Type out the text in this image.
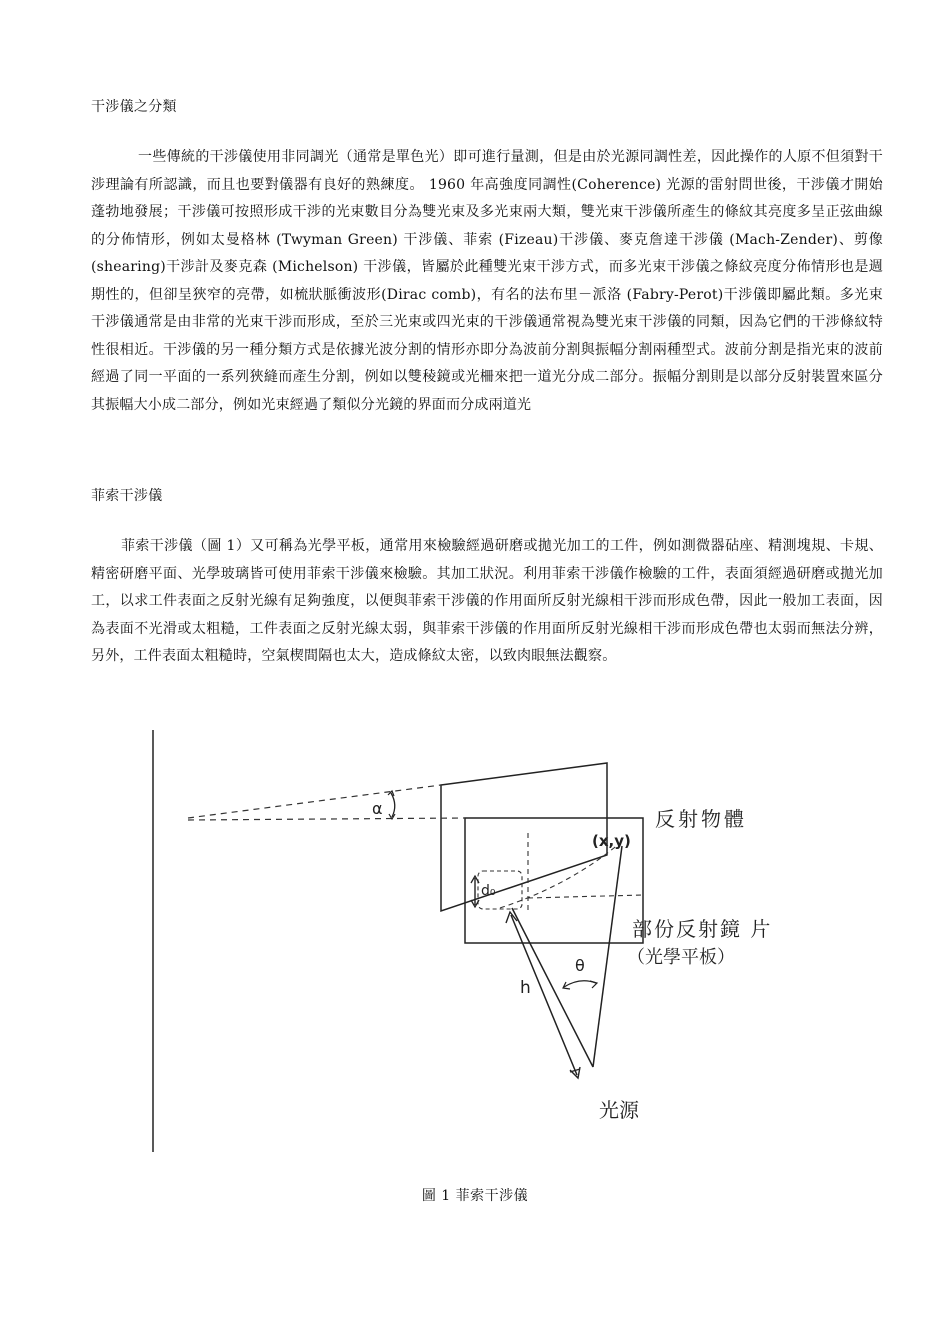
干涉儀之分類
一些傳統的干涉儀使用非同調光（通常是單色光）即可進行量測，但是由於光源同調性差，因此操作的人原不但須對干涉理論有所認識，而且也要對儀器有良好的熟練度。 1960 年高強度同調性(Coherence) 光源的雷射問世後，干涉儀才開始蓬勃地發展；干涉儀可按照形成干涉的光束數目分為雙光束及多光束兩大類，雙光束干涉儀所產生的條紋其亮度多呈正弦曲線的分佈情形，例如太曼格林 (Twyman Green) 干涉儀、菲索 (Fizeau)干涉儀、麥克詹達干涉儀 (Mach-Zender)、剪像(shearing)干涉計及麥克森 (Michelson) 干涉儀，皆屬於此種雙光束干涉方式，而多光束干涉儀之條紋亮度分佈情形也是週期性的，但卻呈狹窄的亮帶，如梳狀脈衝波形(Dirac comb)，有名的法布里－派洛 (Fabry-Perot)干涉儀即屬此類。多光束干涉儀通常是由非常的光束干涉而形成，至於三光束或四光束的干涉儀通常視為雙光束干涉儀的同類，因為它們的干涉條紋特性很相近。干涉儀的另一種分類方式是依據光波分割的情形亦即分為波前分割與振幅分割兩種型式。波前分割是指光束的波前經過了同一平面的一系列狹縫而產生分割，例如以雙稜鏡或光柵來把一道光分成二部分。振幅分割則是以部分反射裝置來區分其振幅大小成二部分，例如光束經過了類似分光鏡的界面而分成兩道光
菲索干涉儀
菲索干涉儀（圖 1）又可稱為光學平板，通常用來檢驗經過研磨或拋光加工的工件，例如測微器砧座、精測塊規、卡規、精密研磨平面、光學玻璃皆可使用菲索干涉儀來檢驗。其加工狀況。利用菲索干涉儀作檢驗的工件，表面須經過研磨或拋光加工，以求工件表面之反射光線有足夠強度，以便與菲索干涉儀的作用面所反射光線相干涉而形成色帶，因此一般加工表面，因為表面不光滑或太粗糙，工件表面之反射光線太弱，與菲索干涉儀的作用面所反射光線相干涉而形成色帶也太弱而無法分辨，另外，工件表面太粗糙時，空氣楔間隔也太大，造成條紋太密，以致肉眼無法觀察。
α
(x,y)
d₀
θ
h
反射物體
部份反射鏡 片
（光學平板）
光源
圖 1 菲索干涉儀
